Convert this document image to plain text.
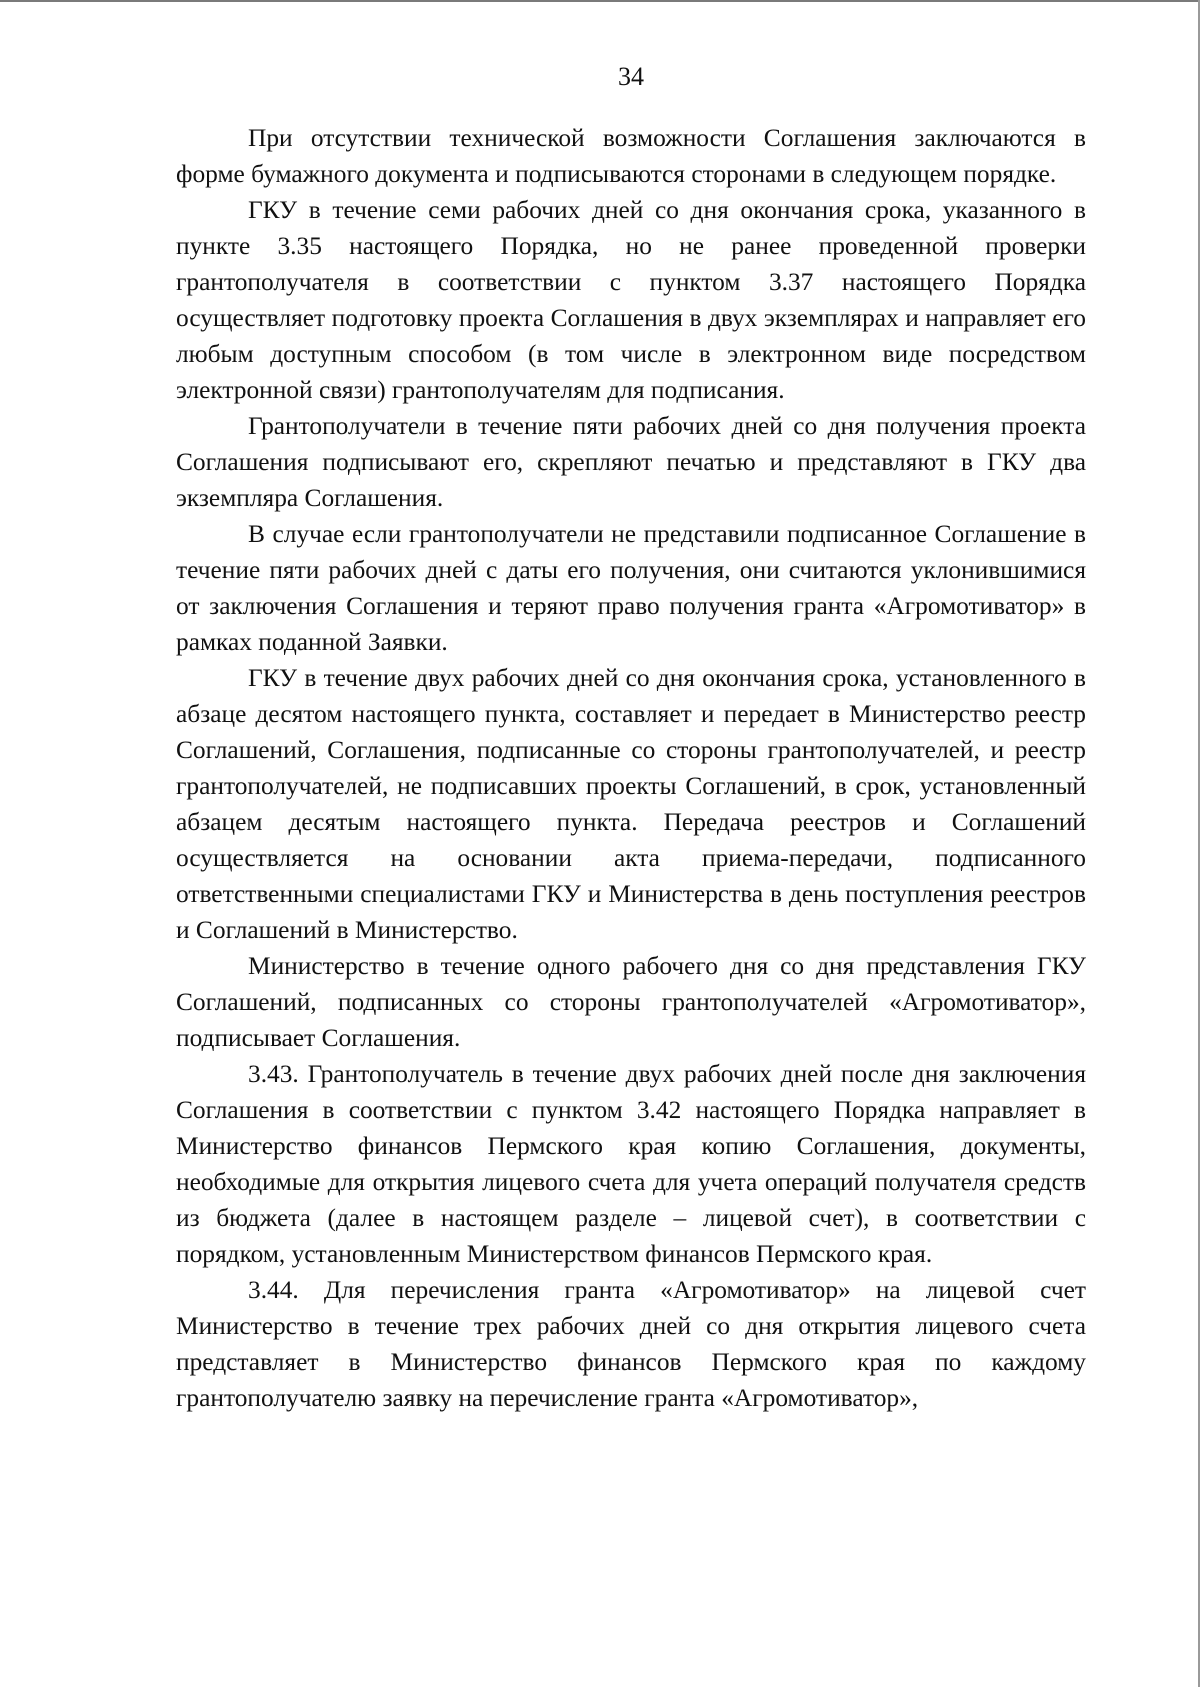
34

При отсутствии технической возможности Соглашения заключаются в форме бумажного документа и подписываются сторонами в следующем порядке.

ГКУ в течение семи рабочих дней со дня окончания срока, указанного в пункте 3.35 настоящего Порядка, но не ранее проведенной проверки грантополучателя в соответствии с пунктом 3.37 настоящего Порядка осуществляет подготовку проекта Соглашения в двух экземплярах и направляет его любым доступным способом (в том числе в электронном виде посредством электронной связи) грантополучателям для подписания.

Грантополучатели в течение пяти рабочих дней со дня получения проекта Соглашения подписывают его, скрепляют печатью и представляют в ГКУ два экземпляра Соглашения.

В случае если грантополучатели не представили подписанное Соглашение в течение пяти рабочих дней с даты его получения, они считаются уклонившимися от заключения Соглашения и теряют право получения гранта «Агромотиватор» в рамках поданной Заявки.

ГКУ в течение двух рабочих дней со дня окончания срока, установленного в абзаце десятом настоящего пункта, составляет и передает в Министерство реестр Соглашений, Соглашения, подписанные со стороны грантополучателей, и реестр грантополучателей, не подписавших проекты Соглашений, в срок, установленный абзацем десятым настоящего пункта. Передача реестров и Соглашений осуществляется на основании акта приема-передачи, подписанного ответственными специалистами ГКУ и Министерства в день поступления реестров и Соглашений в Министерство.

Министерство в течение одного рабочего дня со дня представления ГКУ Соглашений, подписанных со стороны грантополучателей «Агромотиватор», подписывает Соглашения.

3.43. Грантополучатель в течение двух рабочих дней после дня заключения Соглашения в соответствии с пунктом 3.42 настоящего Порядка направляет в Министерство финансов Пермского края копию Соглашения, документы, необходимые для открытия лицевого счета для учета операций получателя средств из бюджета (далее в настоящем разделе – лицевой счет), в соответствии с порядком, установленным Министерством финансов Пермского края.

3.44. Для перечисления гранта «Агромотиватор» на лицевой счет Министерство в течение трех рабочих дней со дня открытия лицевого счета представляет в Министерство финансов Пермского края по каждому грантополучателю заявку на перечисление гранта «Агромотиватор»,
